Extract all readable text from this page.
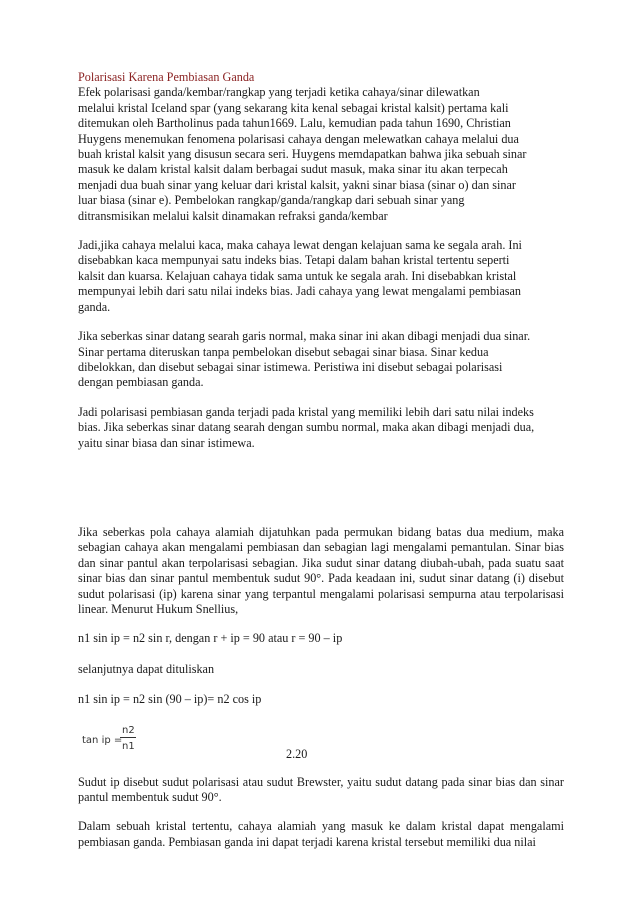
Polarisasi Karena Pembiasan Ganda
Efek polarisasi ganda/kembar/rangkap yang terjadi ketika cahaya/sinar dilewatkan
melalui kristal Iceland spar (yang sekarang kita kenal sebagai kristal kalsit) pertama kali
ditemukan oleh Bartholinus pada tahun1669. Lalu, kemudian pada tahun 1690, Christian
Huygens menemukan fenomena polarisasi cahaya dengan melewatkan cahaya melalui dua
buah kristal kalsit yang disusun secara seri. Huygens memdapatkan bahwa jika sebuah sinar
masuk ke dalam kristal kalsit dalam berbagai sudut masuk, maka sinar itu akan terpecah
menjadi dua buah sinar yang keluar dari kristal kalsit, yakni sinar biasa (sinar o) dan sinar
luar biasa (sinar e). Pembelokan rangkap/ganda/rangkap dari sebuah sinar yang
ditransmisikan melalui kalsit dinamakan refraksi ganda/kembar

Jadi,jika cahaya melalui kaca, maka cahaya lewat dengan kelajuan sama ke segala arah. Ini
disebabkan kaca mempunyai satu indeks bias. Tetapi dalam bahan kristal tertentu seperti
kalsit dan kuarsa. Kelajuan cahaya tidak sama untuk ke segala arah. Ini disebabkan kristal
mempunyai lebih dari satu nilai indeks bias. Jadi cahaya yang lewat mengalami pembiasan
ganda.

Jika seberkas sinar datang searah garis normal, maka sinar ini akan dibagi menjadi dua sinar.
Sinar pertama diteruskan tanpa pembelokan disebut sebagai sinar biasa. Sinar kedua
dibelokkan, dan disebut sebagai sinar istimewa. Peristiwa ini disebut sebagai polarisasi
dengan pembiasan ganda.

Jadi polarisasi pembiasan ganda terjadi pada kristal yang memiliki lebih dari satu nilai indeks
bias. Jika seberkas sinar datang searah dengan sumbu normal, maka akan dibagi menjadi dua,
yaitu sinar biasa dan sinar istimewa.

Jika seberkas pola cahaya alamiah dijatuhkan pada permukan bidang batas dua medium, maka sebagian cahaya akan mengalami pembiasan dan sebagian lagi mengalami pemantulan. Sinar bias dan sinar pantul akan terpolarisasi sebagian. Jika sudut sinar datang diubah-ubah, pada suatu saat sinar bias dan sinar pantul membentuk sudut 90°. Pada keadaan ini, sudut sinar datang (i) disebut sudut polarisasi (ip) karena sinar yang terpantul mengalami polarisasi sempurna atau terpolarisasi linear. Menurut Hukum Snellius,

n1 sin ip = n2 sin r, dengan r + ip = 90 atau r = 90 – ip
selanjutnya dapat dituliskan
n1 sin ip = n2 sin (90 – ip)= n2 cos ip
tan ip =
n2
n1
2.20

Sudut ip disebut sudut polarisasi atau sudut Brewster, yaitu sudut datang pada sinar bias dan sinar pantul membentuk sudut 90°.

Dalam sebuah kristal tertentu, cahaya alamiah yang masuk ke dalam kristal dapat mengalami pembiasan ganda. Pembiasan ganda ini dapat terjadi karena kristal tersebut memiliki dua nilai
